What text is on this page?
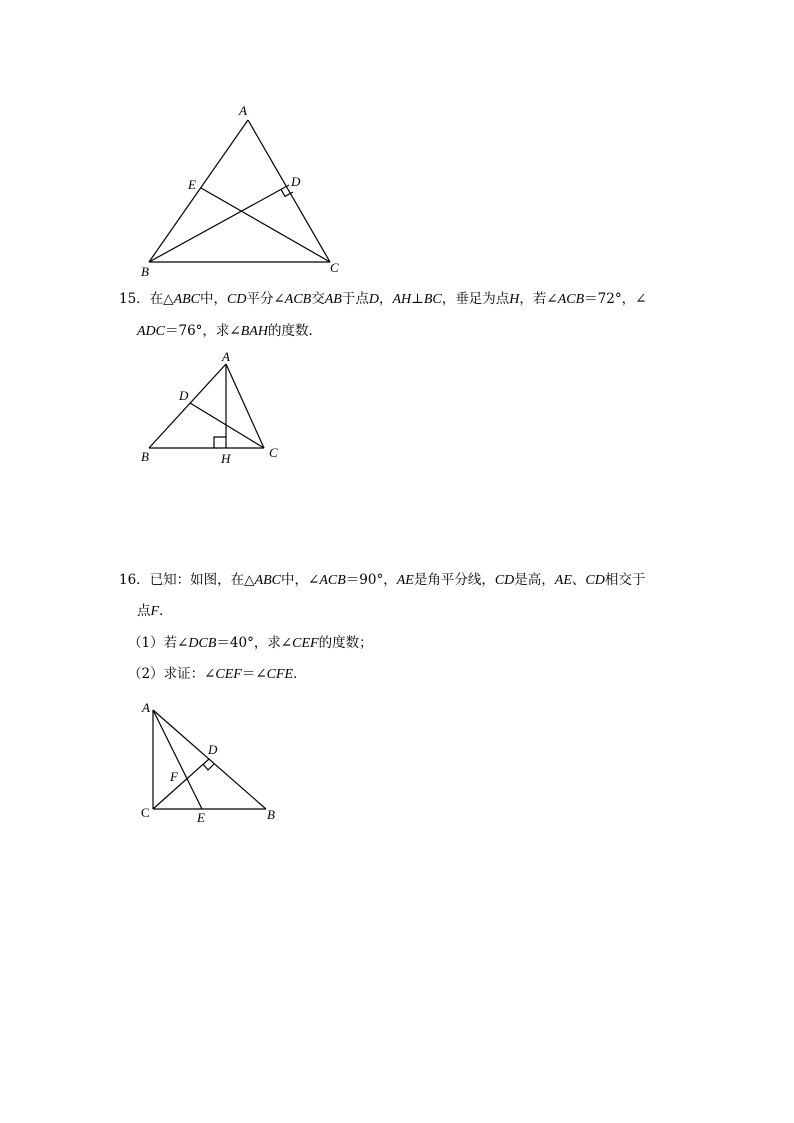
A
B	C
D
E
15．在△ABC中，CD平分∠ACB交AB于点D，AH⊥BC，垂足为点H，若∠ACB＝72°，∠
ADC＝76°，求∠BAH的度数．
A
B	C
D
H
16．已知：如图，在△ABC中，∠ACB＝90°，AE是角平分线，CD是高，AE、CD相交于
点F．
（1）若∠DCB＝40°，求∠CEF的度数；
（2）求证：∠CEF＝∠CFE．
A
B
C
D
E
F
